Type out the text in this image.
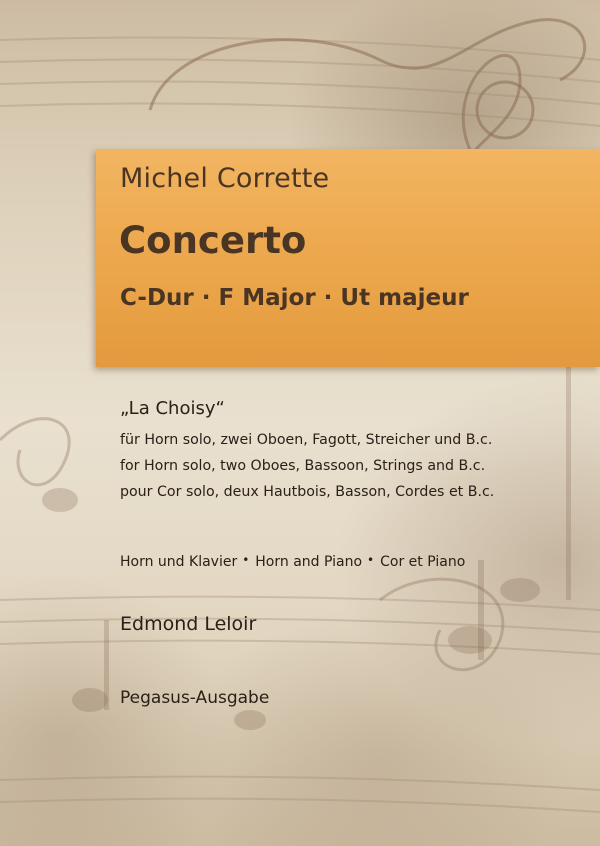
Michel Corrette
Concerto
C-Dur · F Major · Ut majeur
„La Choisy“
für Horn solo, zwei Oboen, Fagott, Streicher und B.c.
for Horn solo, two Oboes, Bassoon, Strings and B.c.
pour Cor solo, deux Hautbois, Basson, Cordes et B.c.
Horn und Klavier • Horn and Piano • Cor et Piano
Edmond Leloir
Pegasus-Ausgabe
